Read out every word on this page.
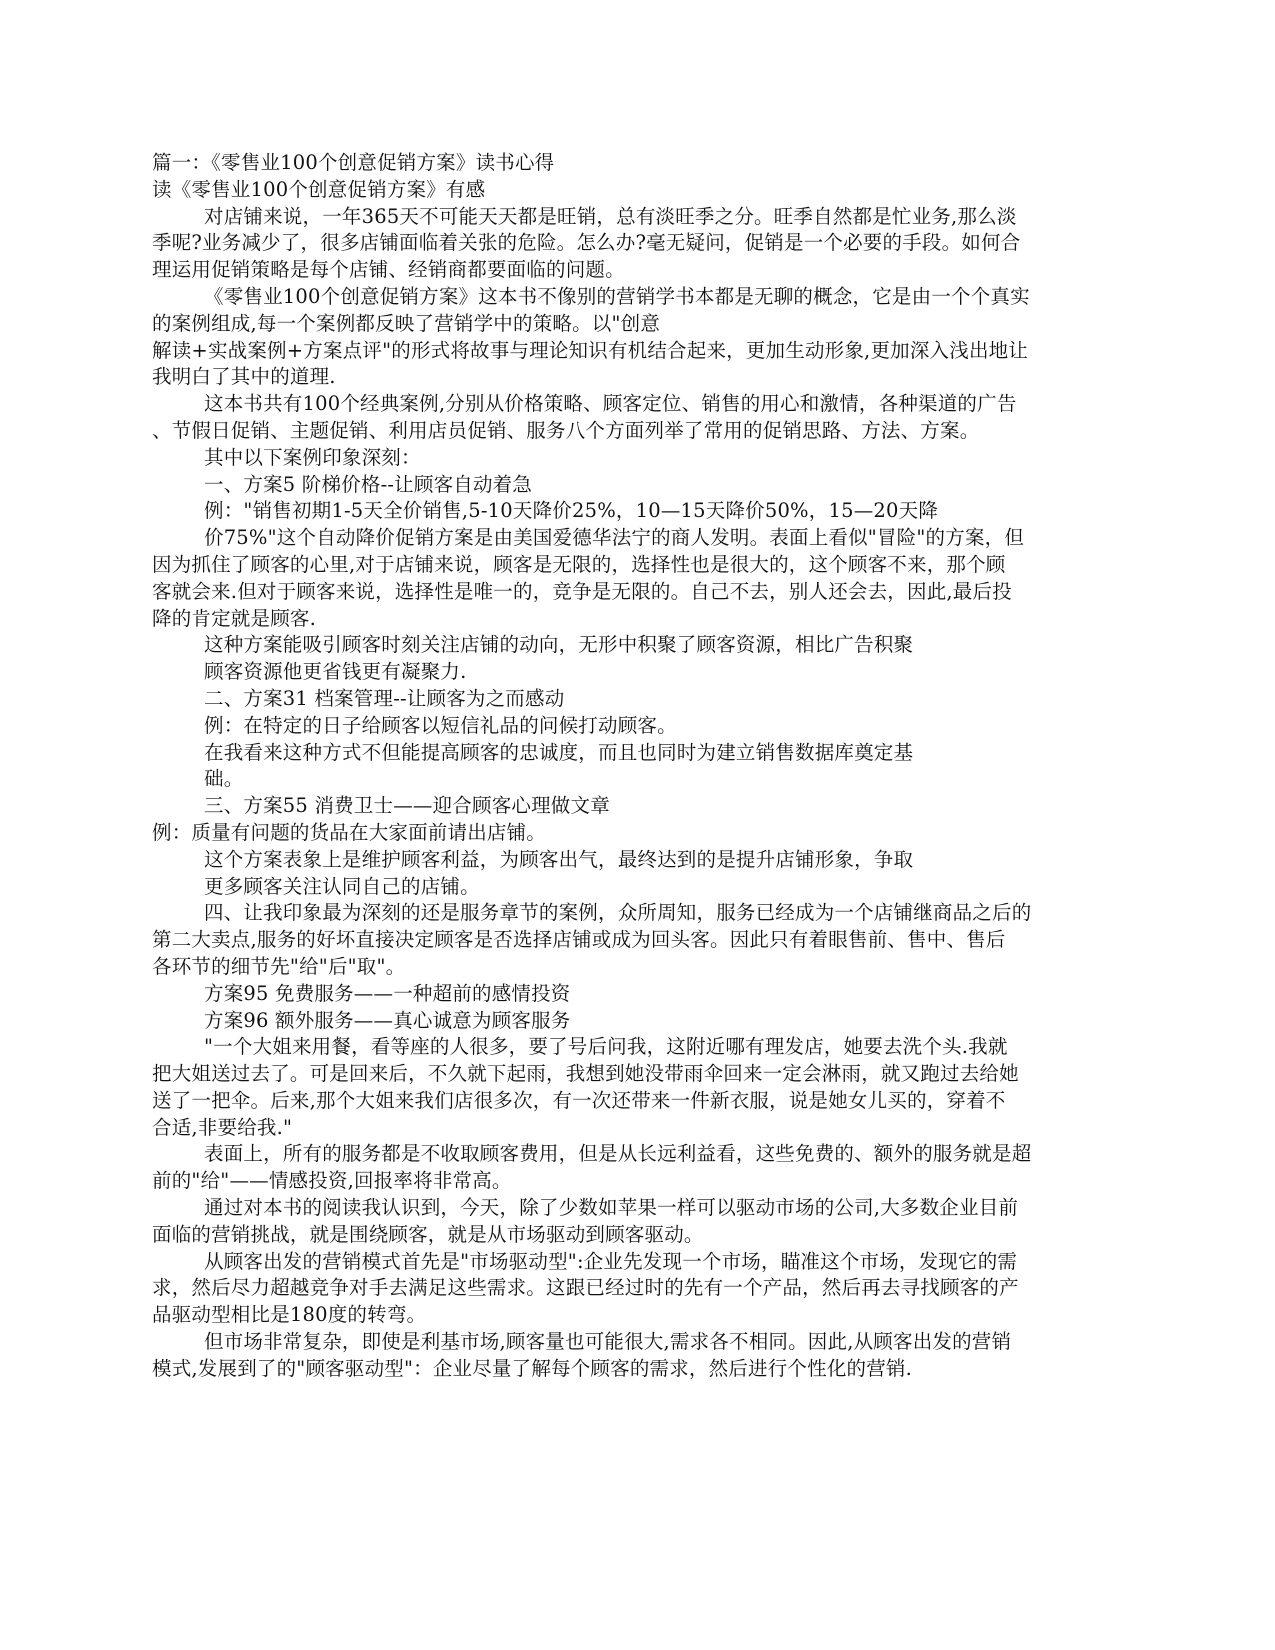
篇一：《零售业100个创意促销方案》读书心得
读《零售业100个创意促销方案》有感
对店铺来说，一年365天不可能天天都是旺销，总有淡旺季之分。旺季自然都是忙业务,那么淡
季呢?业务减少了，很多店铺面临着关张的危险。怎么办?毫无疑问，促销是一个必要的手段。如何合
理运用促销策略是每个店铺、经销商都要面临的问题。
《零售业100个创意促销方案》这本书不像别的营销学书本都是无聊的概念，它是由一个个真实
的案例组成,每一个案例都反映了营销学中的策略。以"创意
解读+实战案例+方案点评"的形式将故事与理论知识有机结合起来，更加生动形象,更加深入浅出地让
我明白了其中的道理.
这本书共有100个经典案例,分别从价格策略、顾客定位、销售的用心和激情，各种渠道的广告
、节假日促销、主题促销、利用店员促销、服务八个方面列举了常用的促销思路、方法、方案。
其中以下案例印象深刻：
一、方案5 阶梯价格--让顾客自动着急
例："销售初期1-5天全价销售,5-10天降价25%，10—15天降价50%，15—20天降
价75%"这个自动降价促销方案是由美国爱德华法宁的商人发明。表面上看似"冒险"的方案，但
因为抓住了顾客的心里,对于店铺来说，顾客是无限的，选择性也是很大的，这个顾客不来，那个顾
客就会来.但对于顾客来说，选择性是唯一的，竞争是无限的。自己不去，别人还会去，因此,最后投
降的肯定就是顾客.
这种方案能吸引顾客时刻关注店铺的动向，无形中积聚了顾客资源，相比广告积聚
顾客资源他更省钱更有凝聚力.
二、方案31 档案管理--让顾客为之而感动
例：在特定的日子给顾客以短信礼品的问候打动顾客。
在我看来这种方式不但能提高顾客的忠诚度，而且也同时为建立销售数据库奠定基
础。
三、方案55 消费卫士——迎合顾客心理做文章
例：质量有问题的货品在大家面前请出店铺。
这个方案表象上是维护顾客利益，为顾客出气，最终达到的是提升店铺形象，争取
更多顾客关注认同自己的店铺。
四、让我印象最为深刻的还是服务章节的案例，众所周知，服务已经成为一个店铺继商品之后的
第二大卖点,服务的好坏直接决定顾客是否选择店铺或成为回头客。因此只有着眼售前、售中、售后
各环节的细节先"给"后"取"。
方案95 免费服务——一种超前的感情投资
方案96 额外服务——真心诚意为顾客服务
"一个大姐来用餐，看等座的人很多，要了号后问我，这附近哪有理发店，她要去洗个头.我就
把大姐送过去了。可是回来后，不久就下起雨，我想到她没带雨伞回来一定会淋雨，就又跑过去给她
送了一把伞。后来,那个大姐来我们店很多次，有一次还带来一件新衣服，说是她女儿买的，穿着不
合适,非要给我."
表面上，所有的服务都是不收取顾客费用，但是从长远利益看，这些免费的、额外的服务就是超
前的"给"——情感投资,回报率将非常高。
通过对本书的阅读我认识到，今天，除了少数如苹果一样可以驱动市场的公司,大多数企业目前
面临的营销挑战，就是围绕顾客，就是从市场驱动到顾客驱动。
从顾客出发的营销模式首先是"市场驱动型":企业先发现一个市场，瞄准这个市场，发现它的需
求，然后尽力超越竞争对手去满足这些需求。这跟已经过时的先有一个产品，然后再去寻找顾客的产
品驱动型相比是180度的转弯。
但市场非常复杂，即使是利基市场,顾客量也可能很大,需求各不相同。因此,从顾客出发的营销
模式,发展到了的"顾客驱动型"：企业尽量了解每个顾客的需求，然后进行个性化的营销.
